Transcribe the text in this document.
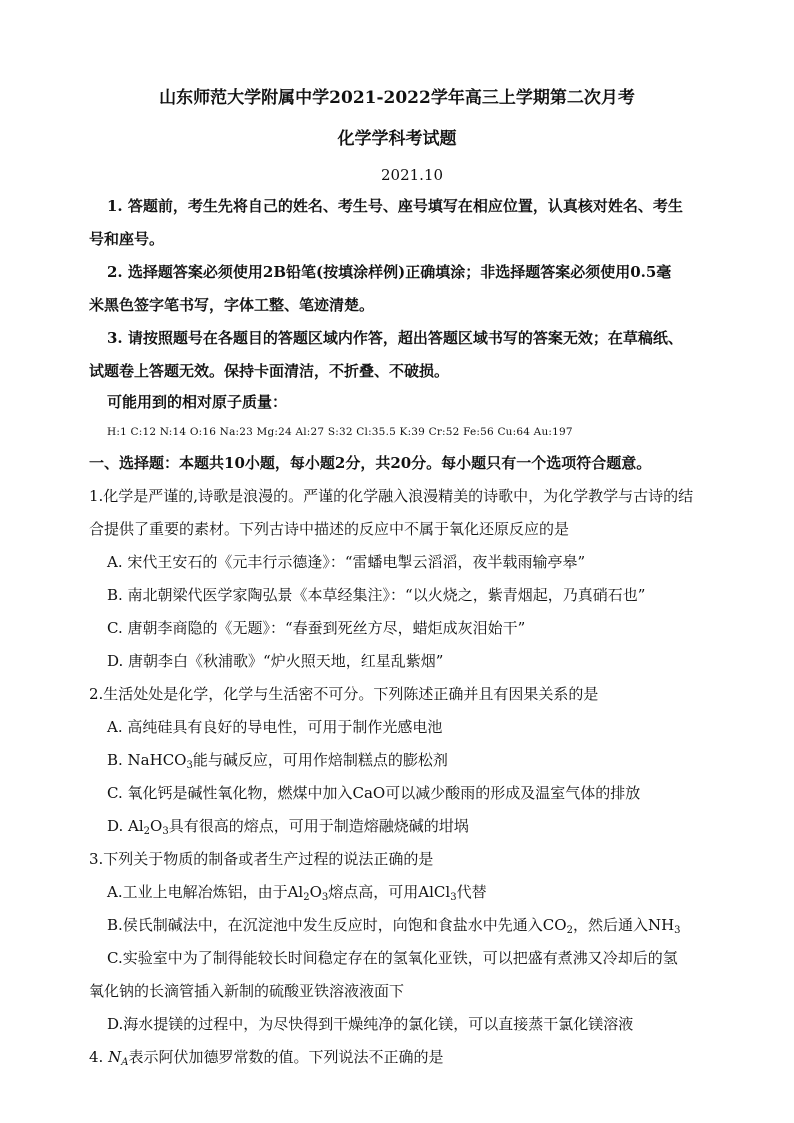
山东师范大学附属中学2021-2022学年高三上学期第二次月考
化学学科考试题
2021.10
1. 答题前，考生先将自己的姓名、考生号、座号填写在相应位置，认真核对姓名、考生
号和座号。
2. 选择题答案必须使用2B铅笔(按填涂样例)正确填涂；非选择题答案必须使用0.5毫
米黑色签字笔书写，字体工整、笔迹清楚。
3. 请按照题号在各题目的答题区域内作答，超出答题区域书写的答案无效；在草稿纸、
试题卷上答题无效。保持卡面清洁，不折叠、不破损。
可能用到的相对原子质量：
H:1 C:12 N:14 O:16 Na:23 Mg:24 Al:27 S:32 Cl:35.5 K:39 Cr:52 Fe:56 Cu:64 Au:197
一、选择题：本题共10小题，每小题2分，共20分。每小题只有一个选项符合题意。
1.化学是严谨的,诗歌是浪漫的。严谨的化学融入浪漫精美的诗歌中，为化学教学与古诗的结
合提供了重要的素材。下列古诗中描述的反应中不属于氧化还原反应的是
A. 宋代王安石的《元丰行示德逢》：“雷蟠电掣云滔滔，夜半载雨输亭皋”
B. 南北朝梁代医学家陶弘景《本草经集注》：“以火烧之，紫青烟起，乃真硝石也”
C. 唐朝李商隐的《无题》：“春蚕到死丝方尽，蜡炬成灰泪始干”
D. 唐朝李白《秋浦歌》“炉火照天地，红星乱紫烟”
2.生活处处是化学，化学与生活密不可分。下列陈述正确并且有因果关系的是
A. 高纯硅具有良好的导电性，可用于制作光感电池
B. NaHCO$_3$能与碱反应，可用作焙制糕点的膨松剂
C. 氧化钙是碱性氧化物，燃煤中加入CaO可以减少酸雨的形成及温室气体的排放
D. $Al_2O_3$具有很高的熔点，可用于制造熔融烧碱的坩埚
3.下列关于物质的制备或者生产过程的说法正确的是
A.工业上电解冶炼铝，由于$Al_2O_3$熔点高，可用AlCl$_3$代替
B.侯氏制碱法中，在沉淀池中发生反应时，向饱和食盐水中先通入$CO_2$，然后通入$NH_3$
C.实验室中为了制得能较长时间稳定存在的氢氧化亚铁，可以把盛有煮沸又冷却后的氢
氧化钠的长滴管插入新制的硫酸亚铁溶液液面下
D.海水提镁的过程中，为尽快得到干燥纯净的氯化镁，可以直接蒸干氯化镁溶液
4. $N_A$表示阿伏加德罗常数的值。下列说法不正确的是
